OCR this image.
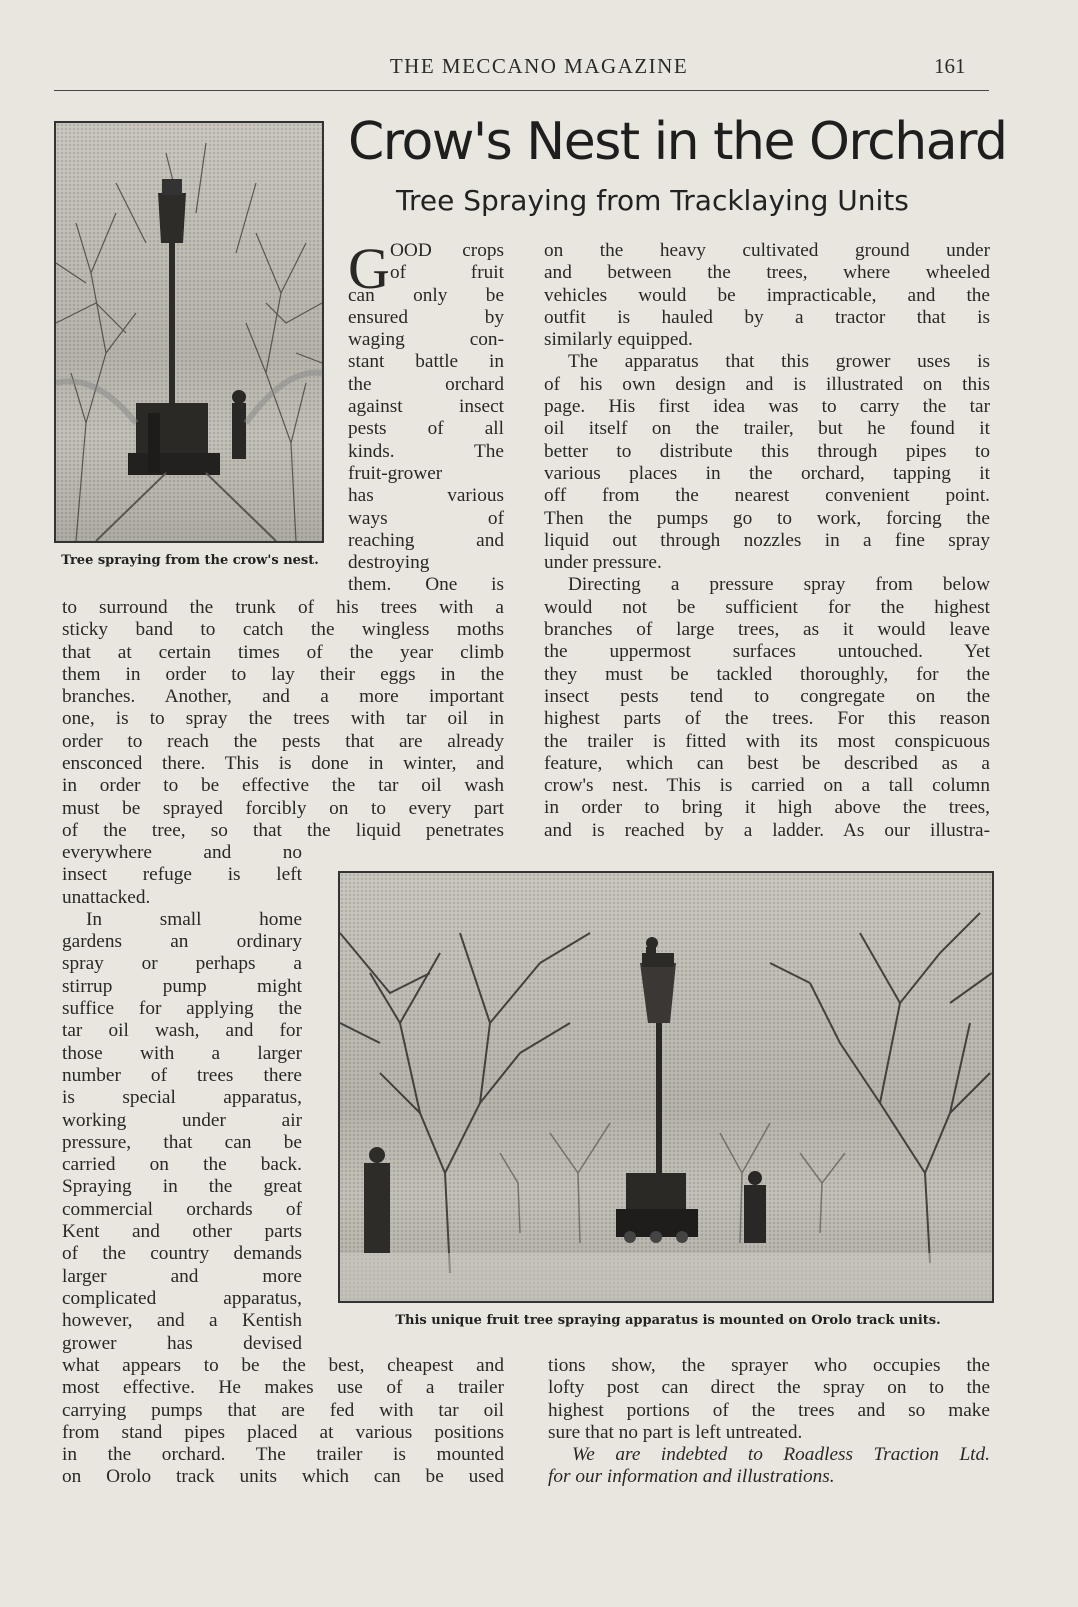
THE MECCANO MAGAZINE	161
Crow's Nest in the Orchard
Tree Spraying from Tracklaying Units
Tree spraying from the crow's nest.
This unique fruit tree spraying apparatus is mounted on Orolo track units.
G OOD crops
of fruit
can only be
ensured by
waging con-
stant battle in
the orchard
against insect
pests of all
kinds. The
fruit-grower
has various
ways of
reaching and
destroying
them. One is
to surround the trunk of his trees with a
sticky band to catch the wingless moths
that at certain times of the year climb
them in order to lay their eggs in the
branches. Another, and a more important
one, is to spray the trees with tar oil in
order to reach the pests that are already
ensconced there. This is done in winter, and
in order to be effective the tar oil wash
must be sprayed forcibly on to every part
of the tree, so that the liquid penetrates
everywhere and no
insect refuge is left
unattacked.
In small home
gardens an ordinary
spray or perhaps a
stirrup pump might
suffice for applying the
tar oil wash, and for
those with a larger
number of trees there
is special apparatus,
working under air
pressure, that can be
carried on the back.
Spraying in the great
commercial orchards of
Kent and other parts
of the country demands
larger and more
complicated apparatus,
however, and a Kentish
grower has devised
what appears to be the best, cheapest and
most effective. He makes use of a trailer
carrying pumps that are fed with tar oil
from stand pipes placed at various positions
in the orchard. The trailer is mounted
on Orolo track units which can be used
on the heavy cultivated ground under
and between the trees, where wheeled
vehicles would be impracticable, and the
outfit is hauled by a tractor that is
similarly equipped.
The apparatus that this grower uses is
of his own design and is illustrated on this
page. His first idea was to carry the tar
oil itself on the trailer, but he found it
better to distribute this through pipes to
various places in the orchard, tapping it
off from the nearest convenient point.
Then the pumps go to work, forcing the
liquid out through nozzles in a fine spray
under pressure.
Directing a pressure spray from below
would not be sufficient for the highest
branches of large trees, as it would leave
the uppermost surfaces untouched. Yet
they must be tackled thoroughly, for the
insect pests tend to congregate on the
highest parts of the trees. For this reason
the trailer is fitted with its most conspicuous
feature, which can best be described as a
crow's nest. This is carried on a tall column
in order to bring it high above the trees,
and is reached by a ladder. As our illustra-
tions show, the sprayer who occupies the
lofty post can direct the spray on to the
highest portions of the trees and so make
sure that no part is left untreated.
We are indebted to Roadless Traction Ltd.
for our information and illustrations.
